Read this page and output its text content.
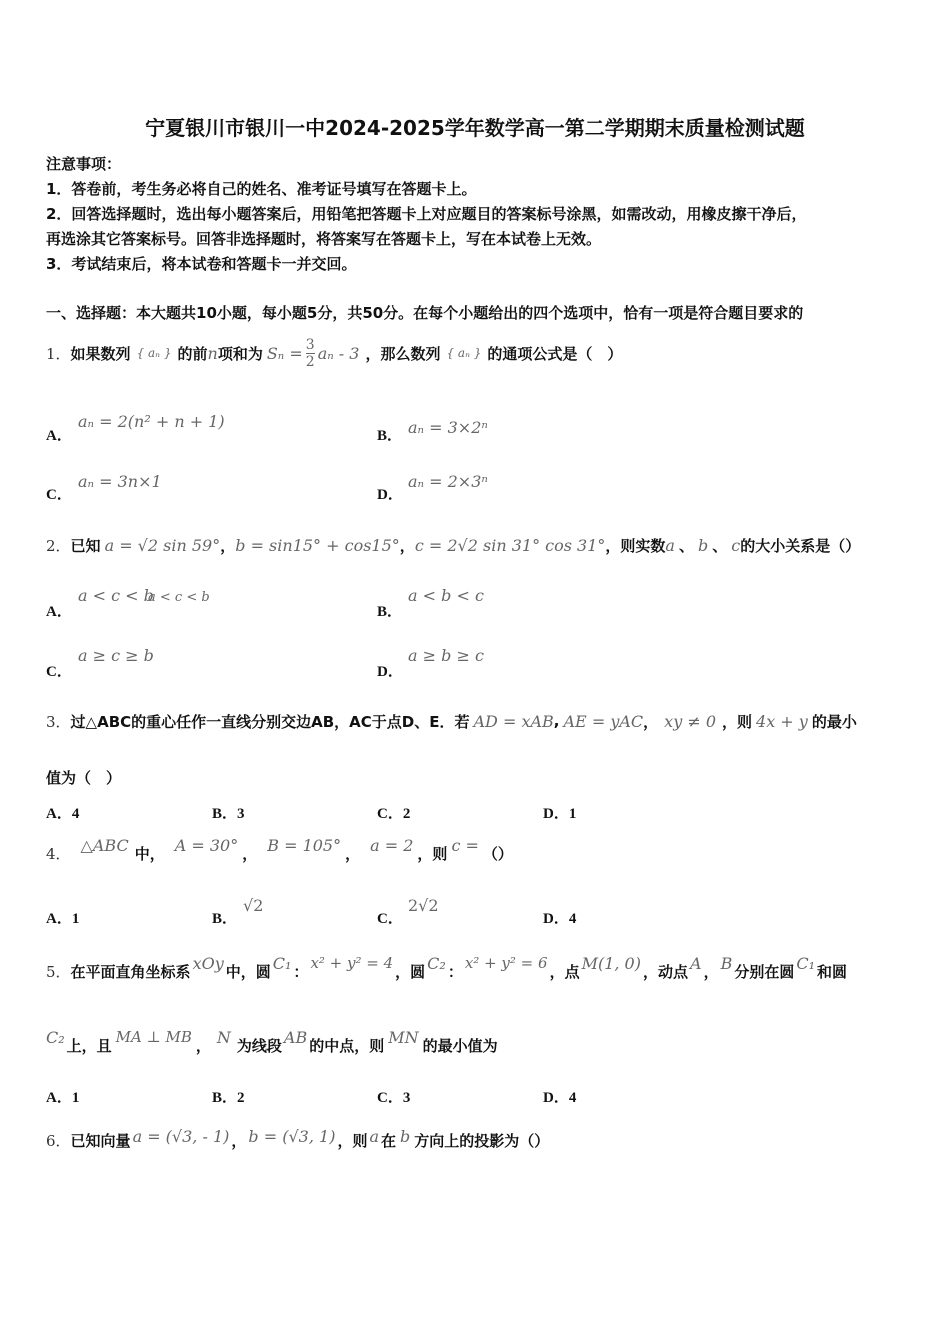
宁夏银川市银川一中2024-2025学年数学高一第二学期期末质量检测试题
注意事项：
1．答卷前，考生务必将自己的姓名、准考证号填写在答题卡上。
2．回答选择题时，选出每小题答案后，用铅笔把答题卡上对应题目的答案标号涂黑，如需改动，用橡皮擦干净后，
再选涂其它答案标号。回答非选择题时，将答案写在答题卡上，写在本试卷上无效。
3．考试结束后，将本试卷和答题卡一并交回。
一、选择题：本大题共10小题，每小题5分，共50分。在每个小题给出的四个选项中，恰有一项是符合题目要求的
1． 如果数列 { aₙ } 的前 n 项和为 $S_n = \frac{3}{2}$ aₙ - 3 ，那么数列 { aₙ } 的通项公式是（　）
A．
aₙ = 2(n² + n + 1)
B． aₙ = 3×2ⁿ
C．
aₙ = 3n×1
D．
aₙ = 2×3ⁿ
2． 已知 a = √2 sin 59° ， b = sin15° + cos15° ， c = 2√2 sin 31° cos 31° ，则实数 a 、 b 、 c 的大小关系是（）
A．
a < c < b
a < c < b
B．
a < b < c
C．
a ≥ c ≥ b
D．
a ≥ b ≥ c
3． 过△ABC的重心任作一直线分别交边AB，AC于点D、E．若 AD = xAB , AE = yAC ， xy ≠ 0 ，则 4x + y 的最小
值为（　）
A．4	B．3	C．2	D．1
4． △ABC 中， A = 30° ， B = 105° ， a = 2 ，则 c = （）
A．1	B．
√2
C．
2√2
D．4
5． 在平面直角坐标系 xOy 中，圆 C₁ ： x² + y² = 4 ，圆 C₂ ： x² + y² = 6 ，点 M(1, 0) ，动点 A ， B 分别在圆 C₁ 和圆
C₂ 上，且 MA ⊥ MB ， N 为线段 AB 的中点，则 MN 的最小值为
A．1	B．2	C．3	D．4
6． 已知向量 a = (√3, - 1) ， b = (√3, 1) ，则 a 在 b 方向上的投影为（）
